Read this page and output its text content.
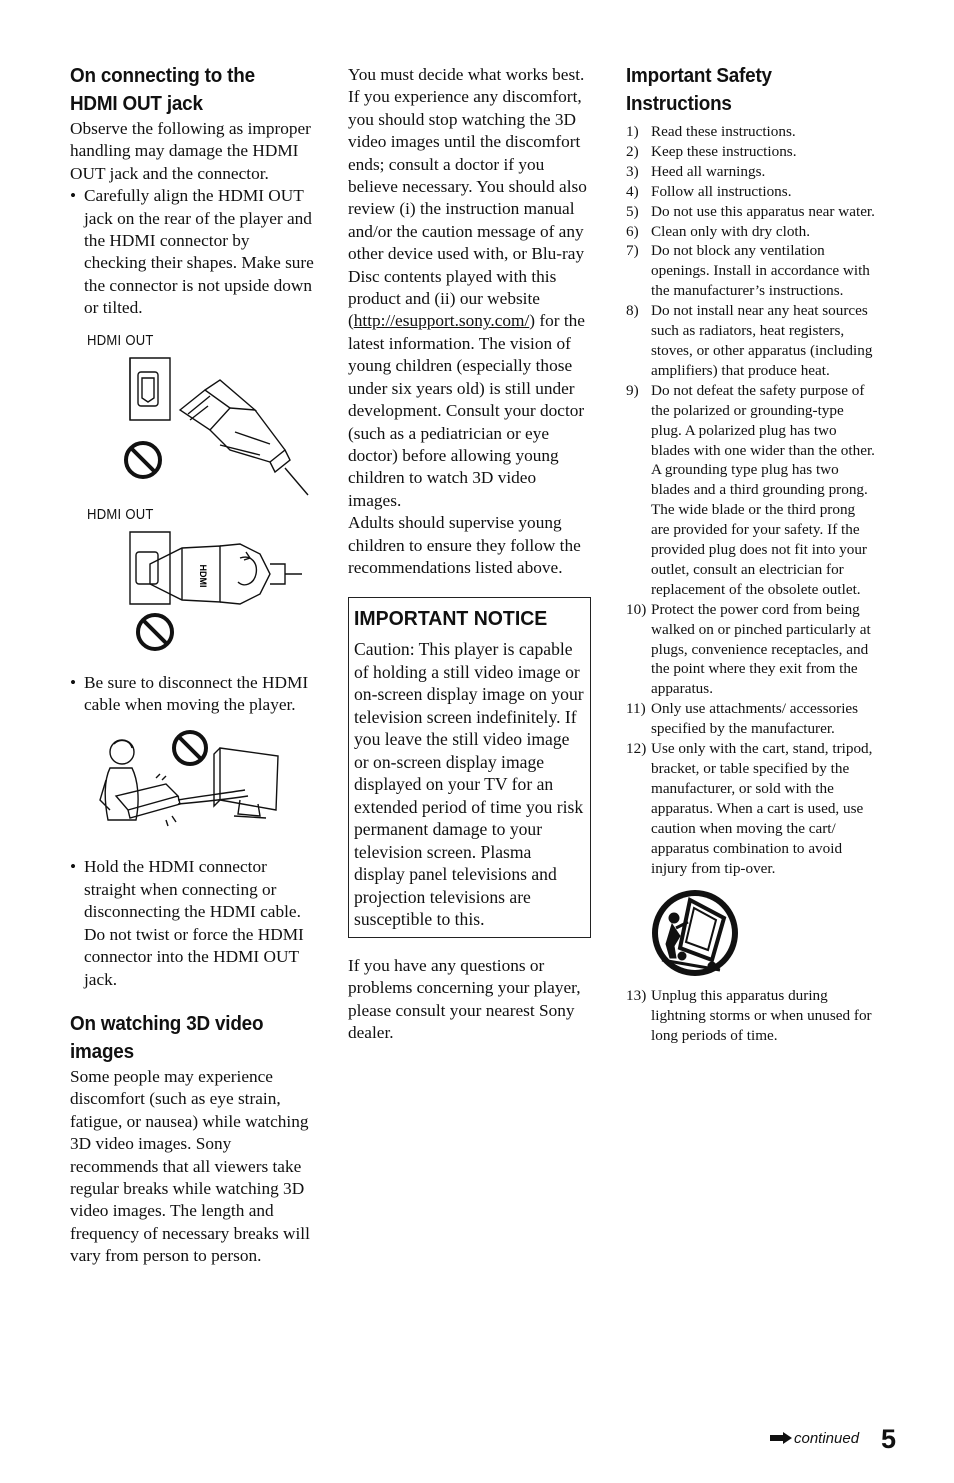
On connecting to the HDMI OUT jack

Observe the following as improper handling may damage the HDMI OUT jack and the connector.

• Carefully align the HDMI OUT jack on the rear of the player and the HDMI connector by checking their shapes. Make sure the connector is not upside down or tilted.
HDMI OUT
HDMI OUT
HDMI
• Be sure to disconnect the HDMI cable when moving the player.
• Hold the HDMI connector straight when connecting or disconnecting the HDMI cable. Do not twist or force the HDMI connector into the HDMI OUT jack.
On watching 3D video images

Some people may experience discomfort (such as eye strain, fatigue, or nausea) while watching 3D video images. Sony recommends that all viewers take regular breaks while watching 3D video images. The length and frequency of necessary breaks will vary from person to person.

You must decide what works best. If you experience any discomfort, you should stop watching the 3D video images until the discomfort ends; consult a doctor if you believe necessary. You should also review (i) the instruction manual and/or the caution message of any other device used with, or Blu-ray Disc contents played with this product and (ii) our website (http://esupport.sony.com/) for the latest information. The vision of young children (especially those under six years old) is still under development. Consult your doctor (such as a pediatrician or eye doctor) before allowing young children to watch 3D video images.

Adults should supervise young children to ensure they follow the recommendations listed above.

IMPORTANT NOTICE

Caution: This player is capable of holding a still video image or on-screen display image on your television screen indefinitely. If you leave the still video image or on-screen display image displayed on your TV for an extended period of time you risk permanent damage to your television screen. Plasma display panel televisions and projection televisions are susceptible to this.

If you have any questions or problems concerning your player, please consult your nearest Sony dealer.

Important Safety Instructions
1) Read these instructions.
2) Keep these instructions.
3) Heed all warnings.
4) Follow all instructions.
5) Do not use this apparatus near water.
6) Clean only with dry cloth.
7) Do not block any ventilation openings. Install in accordance with the manufacturer’s instructions.
8) Do not install near any heat sources such as radiators, heat registers, stoves, or other apparatus (including amplifiers) that produce heat.
9) Do not defeat the safety purpose of the polarized or grounding-type plug. A polarized plug has two blades with one wider than the other. A grounding type plug has two blades and a third grounding prong. The wide blade or the third prong are provided for your safety. If the provided plug does not fit into your outlet, consult an electrician for replacement of the obsolete outlet.
10) Protect the power cord from being walked on or pinched particularly at plugs, convenience receptacles, and the point where they exit from the apparatus.
11) Only use attachments/ accessories specified by the manufacturer.
12) Use only with the cart, stand, tripod, bracket, or table specified by the manufacturer, or sold with the apparatus. When a cart is used, use caution when moving the cart/ apparatus combination to avoid injury from tip-over.
13) Unplug this apparatus during lightning storms or when unused for long periods of time.
continued 5
